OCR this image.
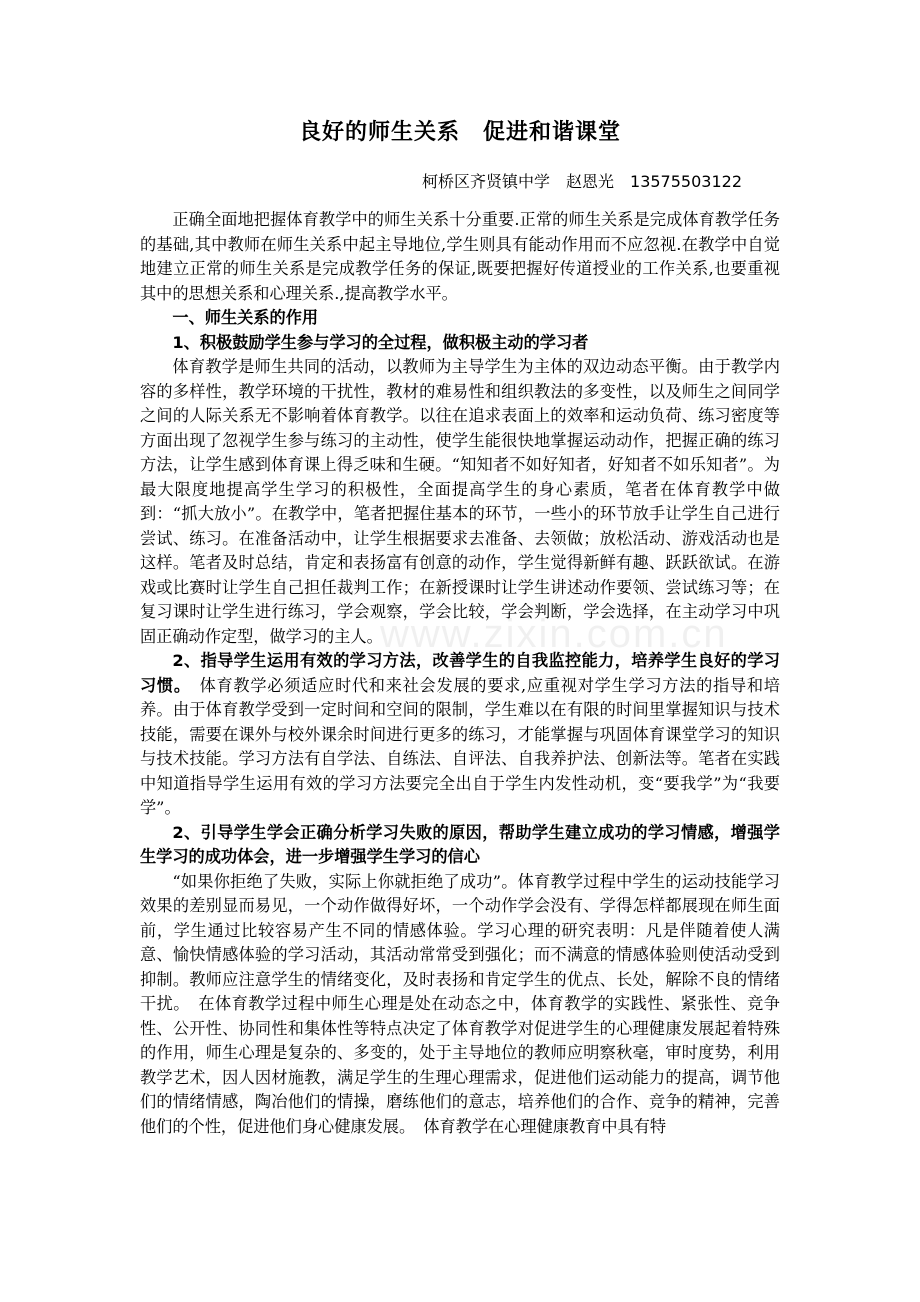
良好的师生关系　促进和谐课堂
柯桥区齐贤镇中学　赵恩光　13575503122

正确全面地把握体育教学中的师生关系十分重要.正常的师生关系是完成体育教学任务的基础,其中教师在师生关系中起主导地位,学生则具有能动作用而不应忽视.在教学中自觉地建立正常的师生关系是完成教学任务的保证,既要把握好传道授业的工作关系,也要重视其中的思想关系和心理关系.,提高教学水平。

一、师生关系的作用

1、积极鼓励学生参与学习的全过程，做积极主动的学习者

体育教学是师生共同的活动，以教师为主导学生为主体的双边动态平衡。由于教学内容的多样性，教学环境的干扰性，教材的难易性和组织教法的多变性，以及师生之间同学之间的人际关系无不影响着体育教学。以往在追求表面上的效率和运动负荷、练习密度等方面出现了忽视学生参与练习的主动性，使学生能很快地掌握运动动作，把握正确的练习方法，让学生感到体育课上得乏味和生硬。“知知者不如好知者，好知者不如乐知者”。为最大限度地提高学生学习的积极性，全面提高学生的身心素质，笔者在体育教学中做到：“抓大放小”。在教学中，笔者把握住基本的环节，一些小的环节放手让学生自己进行尝试、练习。在准备活动中，让学生根据要求去准备、去领做；放松活动、游戏活动也是这样。笔者及时总结，肯定和表扬富有创意的动作，学生觉得新鲜有趣、跃跃欲试。在游戏或比赛时让学生自己担任裁判工作；在新授课时让学生讲述动作要领、尝试练习等；在复习课时让学生进行练习，学会观察，学会比较，学会判断，学会选择，在主动学习中巩固正确动作定型，做学习的主人。

2、指导学生运用有效的学习方法，改善学生的自我监控能力，培养学生良好的学习习惯。　体育教学必须适应时代和来社会发展的要求,应重视对学生学习方法的指导和培养。由于体育教学受到一定时间和空间的限制，学生难以在有限的时间里掌握知识与技术技能，需要在课外与校外课余时间进行更多的练习，才能掌握与巩固体育课堂学习的知识与技术技能。学习方法有自学法、自练法、自评法、自我养护法、创新法等。笔者在实践中知道指导学生运用有效的学习方法要完全出自于学生内发性动机，变“要我学”为“我要学”。

2、引导学生学会正确分析学习失败的原因，帮助学生建立成功的学习情感，增强学生学习的成功体会，进一步增强学生学习的信心

“如果你拒绝了失败，实际上你就拒绝了成功”。体育教学过程中学生的运动技能学习效果的差别显而易见，一个动作做得好坏，一个动作学会没有、学得怎样都展现在师生面前，学生通过比较容易产生不同的情感体验。学习心理的研究表明：凡是伴随着使人满意、愉快情感体验的学习活动，其活动常常受到强化；而不满意的情感体验则使活动受到抑制。教师应注意学生的情绪变化，及时表扬和肯定学生的优点、长处，解除不良的情绪干扰。　在体育教学过程中师生心理是处在动态之中，体育教学的实践性、紧张性、竞争性、公开性、协同性和集体性等特点决定了体育教学对促进学生的心理健康发展起着特殊的作用，师生心理是复杂的、多变的，处于主导地位的教师应明察秋毫，审时度势，利用教学艺术，因人因材施教，满足学生的生理心理需求，促进他们运动能力的提高，调节他们的情绪情感，陶冶他们的情操，磨练他们的意志，培养他们的合作、竞争的精神，完善他们的个性，促进他们身心健康发展。　体育教学在心理健康教育中具有特

www.zixin.com.cn
